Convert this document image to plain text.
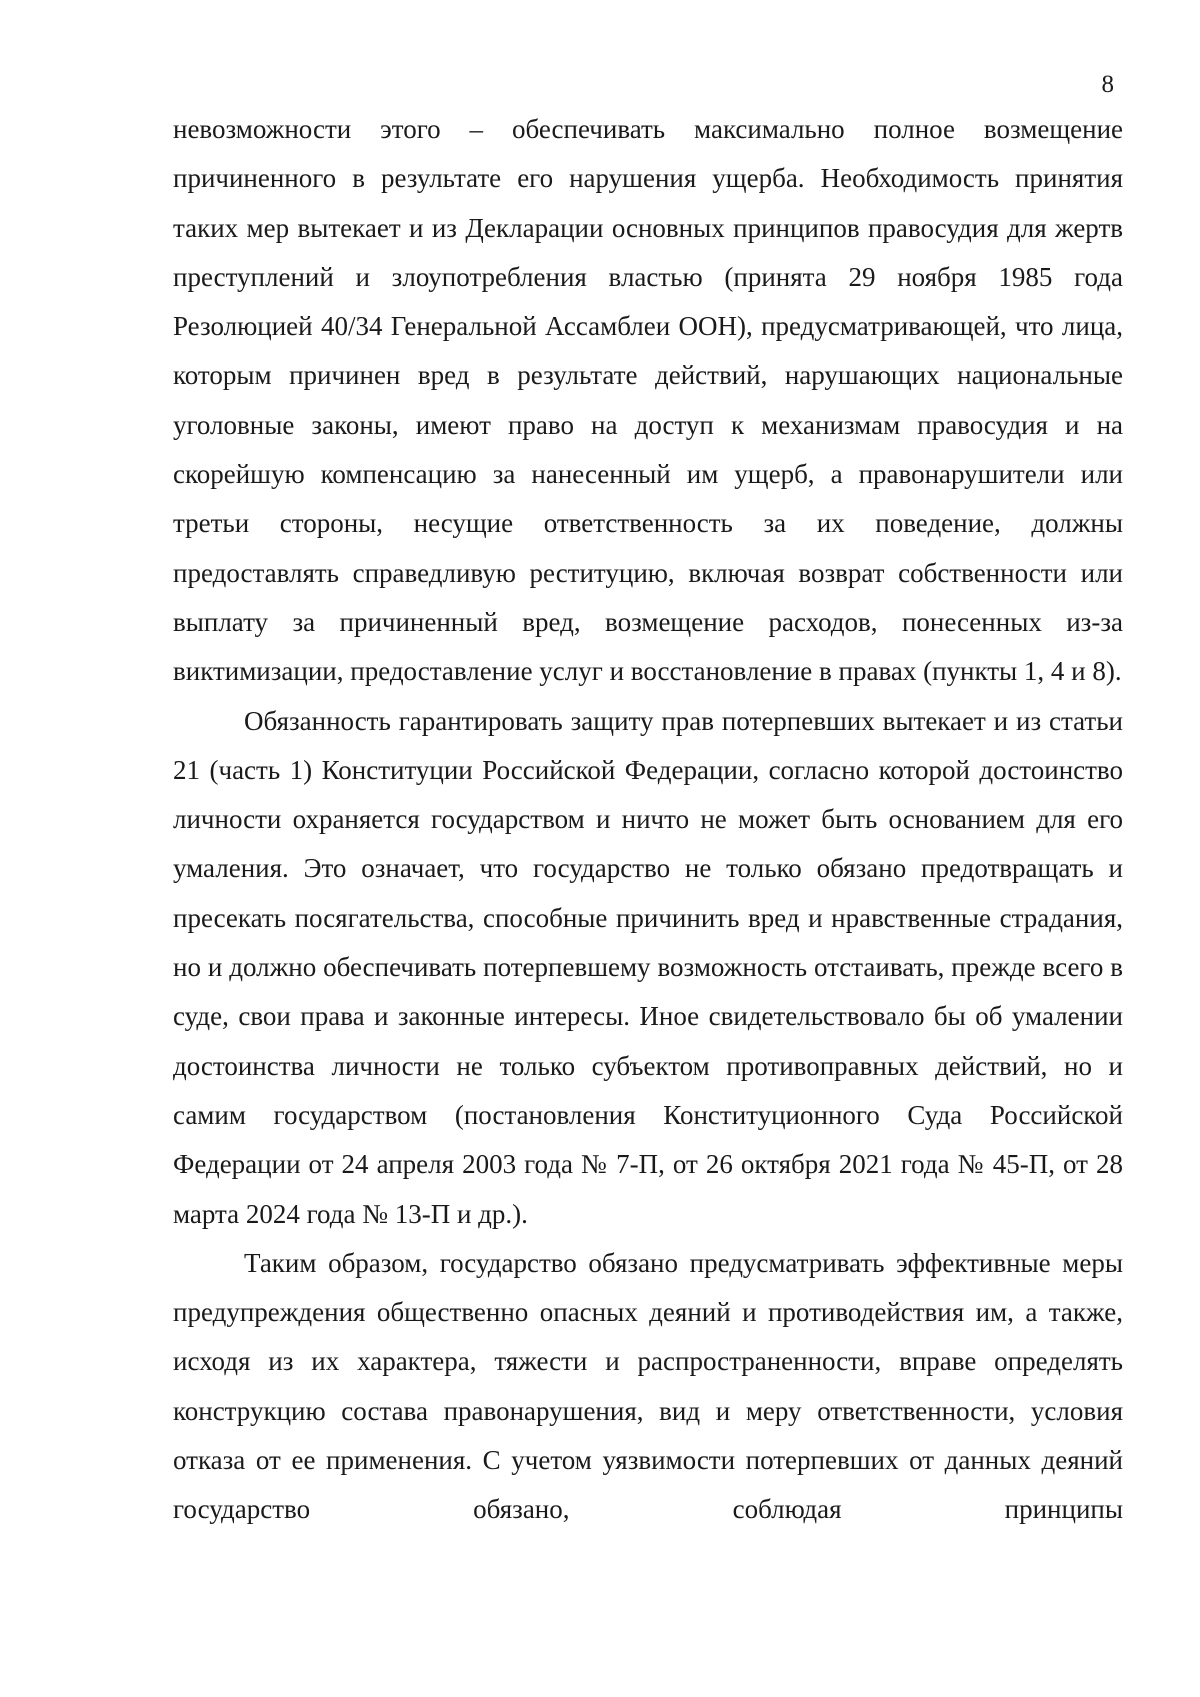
8

невозможности этого – обеспечивать максимально полное возмещение причиненного в результате его нарушения ущерба. Необходимость принятия таких мер вытекает и из Декларации основных принципов правосудия для жертв преступлений и злоупотребления властью (принята 29 ноября 1985 года Резолюцией 40/34 Генеральной Ассамблеи ООН), предусматривающей, что лица, которым причинен вред в результате действий, нарушающих национальные уголовные законы, имеют право на доступ к механизмам правосудия и на скорейшую компенсацию за нанесенный им ущерб, а правонарушители или третьи стороны, несущие ответственность за их поведение, должны предоставлять справедливую реституцию, включая возврат собственности или выплату за причиненный вред, возмещение расходов, понесенных из-за виктимизации, предоставление услуг и восстановление в правах (пункты 1, 4 и 8).

Обязанность гарантировать защиту прав потерпевших вытекает и из статьи 21 (часть 1) Конституции Российской Федерации, согласно которой достоинство личности охраняется государством и ничто не может быть основанием для его умаления. Это означает, что государство не только обязано предотвращать и пресекать посягательства, способные причинить вред и нравственные страдания, но и должно обеспечивать потерпевшему возможность отстаивать, прежде всего в суде, свои права и законные интересы. Иное свидетельствовало бы об умалении достоинства личности не только субъектом противоправных действий, но и самим государством (постановления Конституционного Суда Российской Федерации от 24 апреля 2003 года № 7-П, от 26 октября 2021 года № 45-П, от 28 марта 2024 года № 13-П и др.).

Таким образом, государство обязано предусматривать эффективные меры предупреждения общественно опасных деяний и противодействия им, а также, исходя из их характера, тяжести и распространенности, вправе определять конструкцию состава правонарушения, вид и меру ответственности, условия отказа от ее применения. С учетом уязвимости потерпевших от данных деяний государство обязано, соблюдая принципы
